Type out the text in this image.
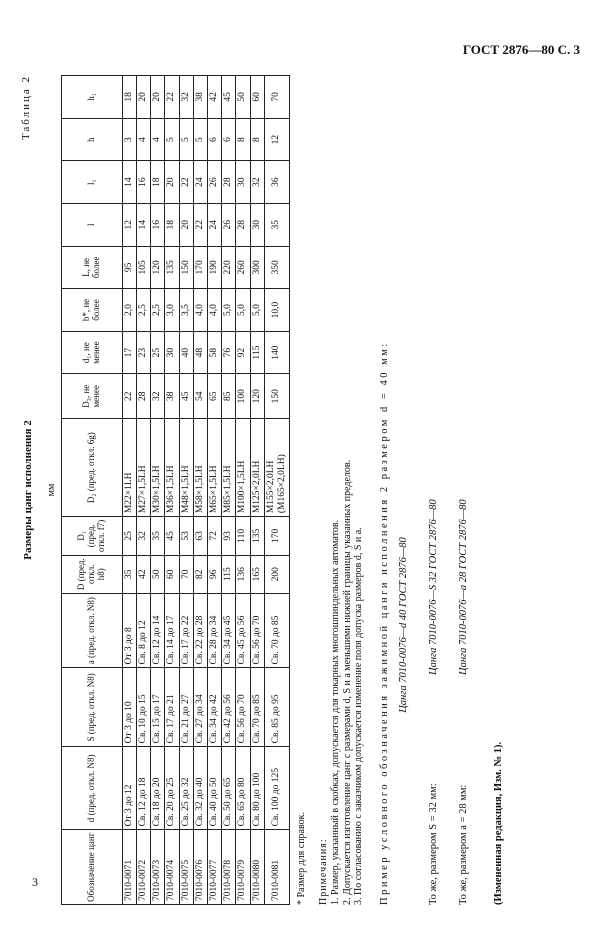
ГОСТ 2876—80 С. 3
Размеры цанг исполнения 2
Таблица 2
мм
Обозначение цанг	d (пред. откл. N8)	S (пред. откл. N8)	a (пред. откл. N8)	D (пред. откл. h8)	D₁ (пред. откл. f7)	D₂ (пред. откл. 6g)	D₃, не менее	d₁, не менее	b*, не более	L, не более	l	l₁	h	h₁
7010-0071	От 3 до 12	От 3 до 10	От 3 до 8	35	25	M22×1LH	22	17	2,0	95	12	14	3	18
7010-0072	Св. 12 до 18	Св. 10 до 15	Св. 8 до 12	42	32	M27×1,5LH	28	23	2,5	105	14	16	4	20
7010-0073	Св. 18 до 20	Св. 15 до 17	Св. 12 до 14	50	35	M30×1,5LH	32	25	2,5	120	16	18	4	20
7010-0074	Св. 20 до 25	Св. 17 до 21	Св. 14 до 17	60	45	M36×1,5LH	38	30	3,0	135	18	20	5	22
7010-0075	Св. 25 до 32	Св. 21 до 27	Св. 17 до 22	70	53	M48×1,5LH	45	40	3,5	150	20	22	5	32
7010-0076	Св. 32 до 40	Св. 27 до 34	Св. 22 до 28	82	63	M58×1,5LH	54	48	4,0	170	22	24	5	38
7010-0077	Св. 40 до 50	Св. 34 до 42	Св. 28 до 34	96	72	M65×1,5LH	65	58	4,0	190	24	26	6	42
7010-0078	Св. 50 до 65	Св. 42 до 56	Св. 34 до 45	115	93	M85×1,5LH	85	76	5,0	220	26	28	6	45
7010-0079	Св. 65 до 80	Св. 56 до 70	Св. 45 до 56	136	110	M100×1,5LH	100	92	5,0	260	28	30	8	50
7010-0080	Св. 80 до 100	Св. 70 до 85	Св. 56 до 70	165	135	M125×2,0LH	120	115	5,0	300	30	32	8	60
7010-0081	Св. 100 до 125	Св. 85 до 95	Св. 70 до 85	200	170	M155×2,0LH (M165×2,0LH)	150	140	10,0	350	35	36	12	70
* Размер для справок. Примечания: 1. Размер, указанный в скобках, допускается для токарных многошпиндельных автоматов. 2. Допускается изготовление цанг с размерами d, S и a меньшими нижней границы указанных пределов. 3. По согласованию с заказчиком допускается изменение поля допуска размеров d, S и a. Пример условного обозначения зажимной цанги исполнения 2 размером d = 40 мм: Цанга 7010-0076—d 40 ГОСТ 2876—80
То же, размером S = 32 мм:
Цанга 7010-0076—S 32 ГОСТ 2876—80
То же, размером a = 28 мм:
Цанга 7010-0076—a 28 ГОСТ 2876—80
(Измененная редакция, Изм. № 1).
3
